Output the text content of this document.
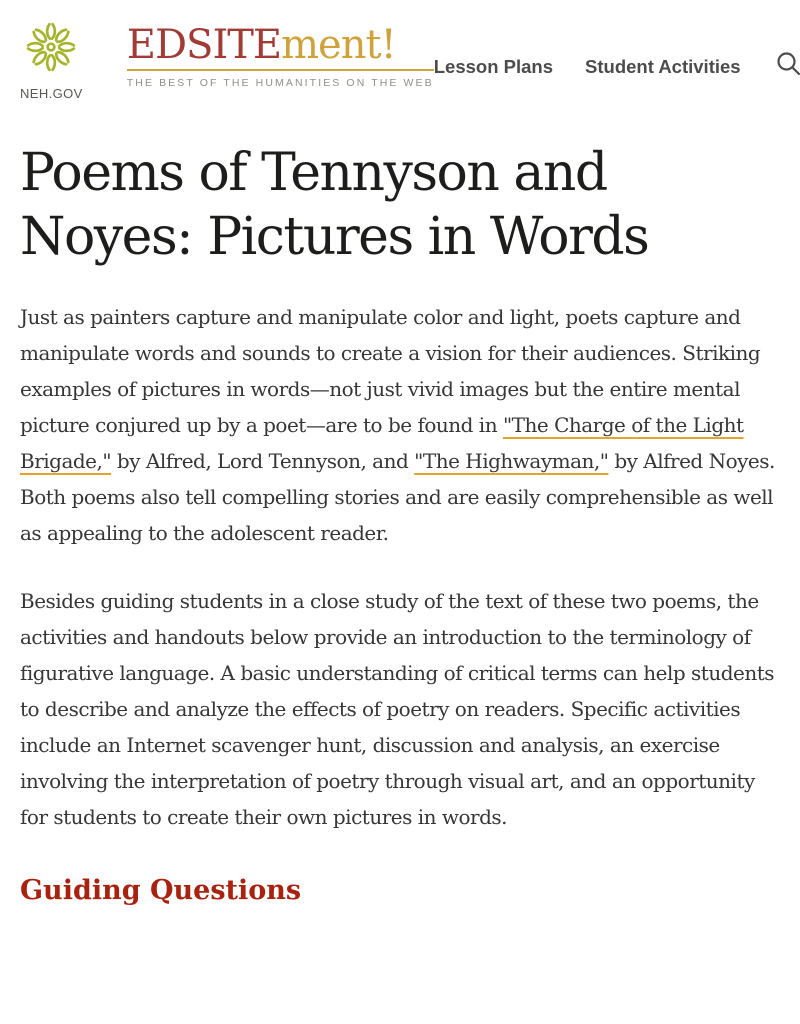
NEH.GOV
EDSITEment!
THE BEST OF THE HUMANITIES ON THE WEB
Lesson Plans Student Activities
Poems of Tennyson and Noyes: Pictures in Words

Just as painters capture and manipulate color and light, poets capture and manipulate words and sounds to create a vision for their audiences. Striking examples of pictures in words—not just vivid images but the entire mental picture conjured up by a poet—are to be found in "The Charge of the Light Brigade," by Alfred, Lord Tennyson, and "The Highwayman," by Alfred Noyes. Both poems also tell compelling stories and are easily comprehensible as well as appealing to the adolescent reader.

Besides guiding students in a close study of the text of these two poems, the activities and handouts below provide an introduction to the terminology of figurative language. A basic understanding of critical terms can help students to describe and analyze the effects of poetry on readers. Specific activities include an Internet scavenger hunt, discussion and analysis, an exercise involving the interpretation of poetry through visual art, and an opportunity for students to create their own pictures in words.

Guiding Questions
